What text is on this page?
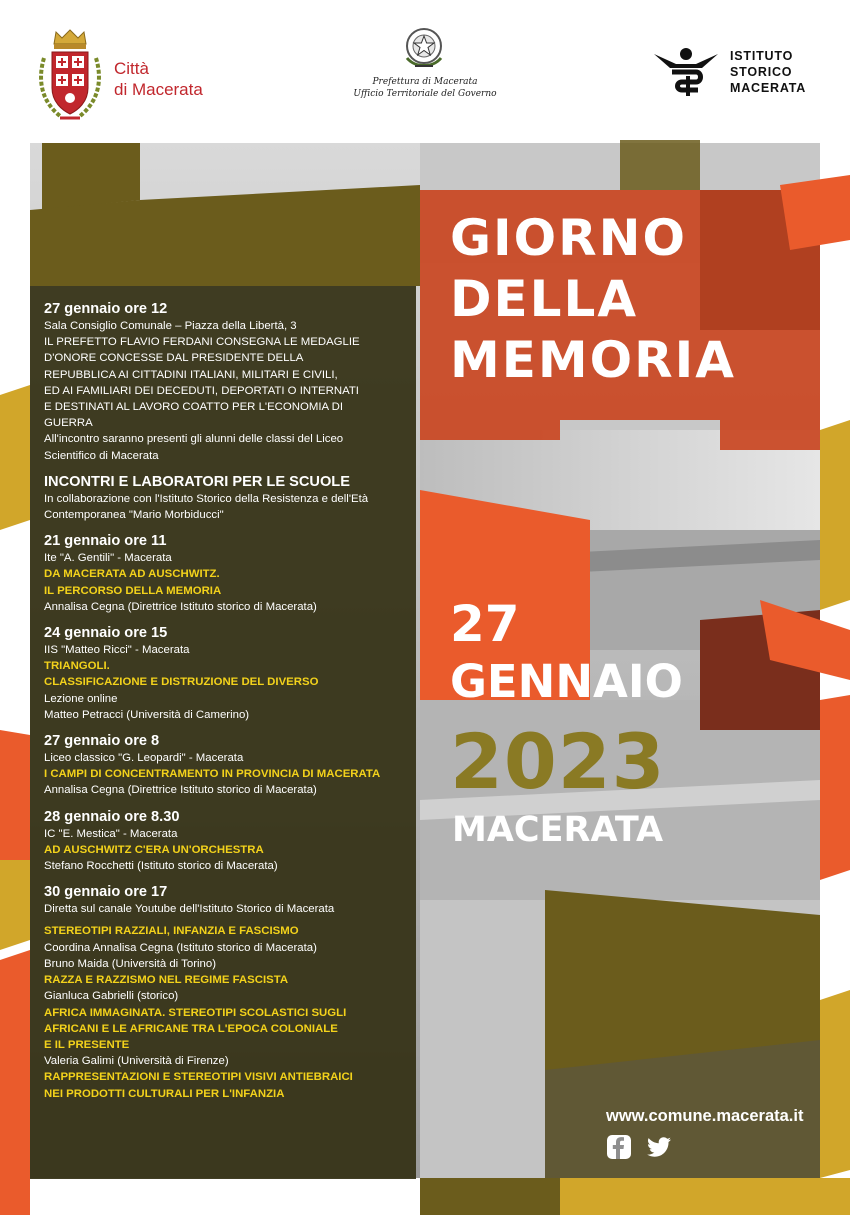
Città
di Macerata	Prefettura di Macerata
Ufficio Territoriale del Governo
ISTITUTO
STORICO
MACERATA
27 gennaio ore 12
Sala Consiglio Comunale – Piazza della Libertà, 3
IL PREFETTO FLAVIO FERDANI CONSEGNA LE MEDAGLIE
D'ONORE CONCESSE DAL PRESIDENTE DELLA
REPUBBLICA AI CITTADINI ITALIANI, MILITARI E CIVILI,
ED AI FAMILIARI DEI DECEDUTI, DEPORTATI O INTERNATI
E DESTINATI AL LAVORO COATTO PER L'ECONOMIA DI
GUERRA
All'incontro saranno presenti gli alunni delle classi del Liceo
Scientifico di Macerata
INCONTRI E LABORATORI PER LE SCUOLE
In collaborazione con l'Istituto Storico della Resistenza e dell'Età
Contemporanea "Mario Morbiducci"
21 gennaio ore 11
Ite "A. Gentili" - Macerata
DA MACERATA AD AUSCHWITZ.
IL PERCORSO DELLA MEMORIA
Annalisa Cegna (Direttrice Istituto storico di Macerata)
24 gennaio ore 15
IIS "Matteo Ricci" - Macerata
TRIANGOLI.
CLASSIFICAZIONE E DISTRUZIONE DEL DIVERSO
Lezione online
Matteo Petracci (Università di Camerino)
27 gennaio ore 8
Liceo classico "G. Leopardi" - Macerata
I CAMPI DI CONCENTRAMENTO IN PROVINCIA DI MACERATA
Annalisa Cegna (Direttrice Istituto storico di Macerata)
28 gennaio ore 8.30
IC "E. Mestica" - Macerata
AD AUSCHWITZ C'ERA UN'ORCHESTRA
Stefano Rocchetti (Istituto storico di Macerata)
30 gennaio ore 17
Diretta sul canale Youtube dell'Istituto Storico di Macerata
STEREOTIPI RAZZIALI, INFANZIA E FASCISMO
Coordina Annalisa Cegna (Istituto storico di Macerata)
Bruno Maida (Università di Torino)
RAZZA E RAZZISMO NEL REGIME FASCISTA
Gianluca Gabrielli (storico)
AFRICA IMMAGINATA. STEREOTIPI SCOLASTICI SUGLI
AFRICANI E LE AFRICANE TRA L'EPOCA COLONIALE
E IL PRESENTE
Valeria Galimi (Università di Firenze)
RAPPRESENTAZIONI E STEREOTIPI VISIVI ANTIEBRAICI
NEI PRODOTTI CULTURALI PER L'INFANZIA
GIORNO
DELLA
MEMORIA
27
GENNAIO
2023
MACERATA
www.comune.macerata.it
